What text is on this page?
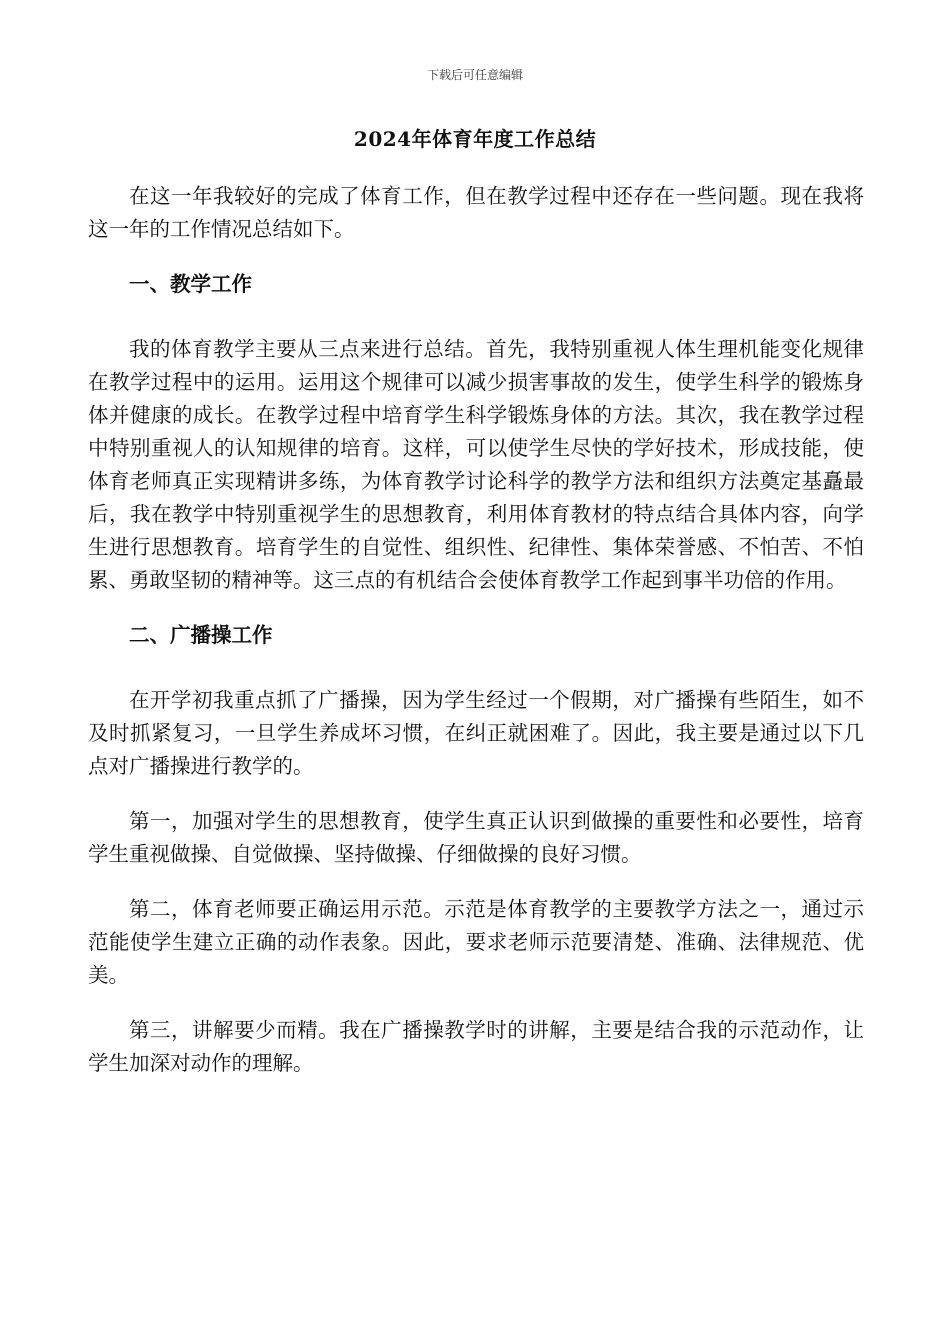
下载后可任意编辑
2024年体育年度工作总结

在这一年我较好的完成了体育工作，但在教学过程中还存在一些问题。现在我将这一年的工作情况总结如下。

一、教学工作

我的体育教学主要从三点来进行总结。首先，我特别重视人体生理机能变化规律在教学过程中的运用。运用这个规律可以减少损害事故的发生，使学生科学的锻炼身体并健康的成长。在教学过程中培育学生科学锻炼身体的方法。其次，我在教学过程中特别重视人的认知规律的培育。这样，可以使学生尽快的学好技术，形成技能，使体育老师真正实现精讲多练，为体育教学讨论科学的教学方法和组织方法奠定基矗最后，我在教学中特别重视学生的思想教育，利用体育教材的特点结合具体内容，向学生进行思想教育。培育学生的自觉性、组织性、纪律性、集体荣誉感、不怕苦、不怕累、勇敢坚韧的精神等。这三点的有机结合会使体育教学工作起到事半功倍的作用。

二、广播操工作

在开学初我重点抓了广播操，因为学生经过一个假期，对广播操有些陌生，如不及时抓紧复习，一旦学生养成坏习惯，在纠正就困难了。因此，我主要是通过以下几点对广播操进行教学的。

第一，加强对学生的思想教育，使学生真正认识到做操的重要性和必要性，培育学生重视做操、自觉做操、坚持做操、仔细做操的良好习惯。

第二，体育老师要正确运用示范。示范是体育教学的主要教学方法之一，通过示范能使学生建立正确的动作表象。因此，要求老师示范要清楚、准确、法律规范、优美。

第三，讲解要少而精。我在广播操教学时的讲解，主要是结合我的示范动作，让学生加深对动作的理解。
